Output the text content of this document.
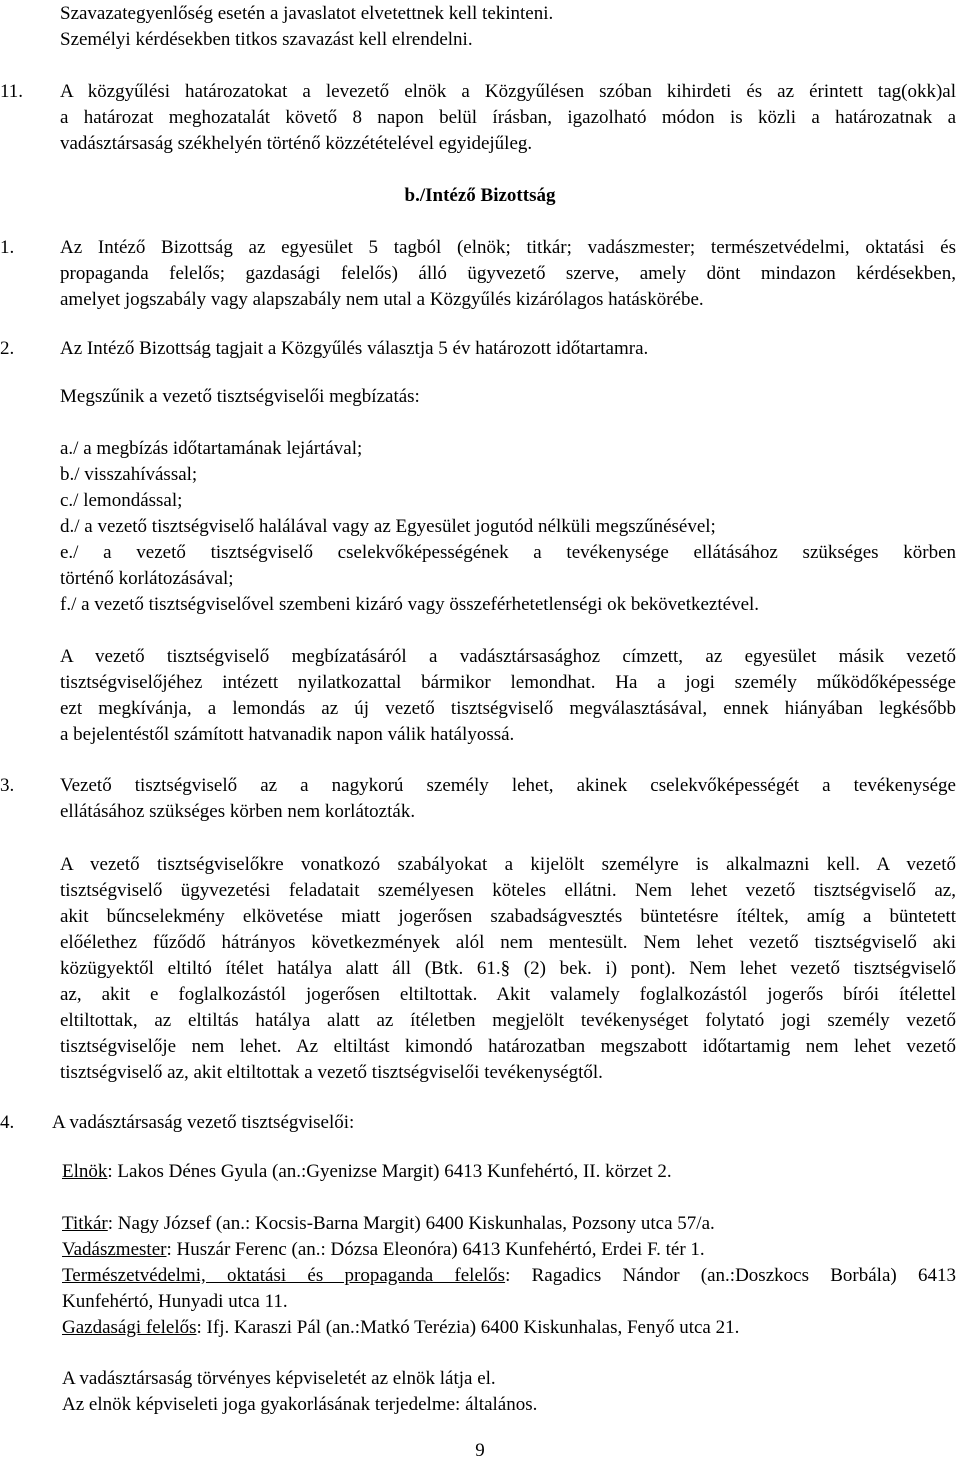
Szavazategyenlőség esetén a javaslatot elvetettnek kell tekinteni.
Személyi kérdésekben titkos szavazást kell elrendelni.
11. A közgyűlési határozatokat a levezető elnök a Közgyűlésen szóban kihirdeti és az érintett tag(okk)al
a határozat meghozatalát követő 8 napon belül írásban, igazolható módon is közli a határozatnak a
vadásztársaság székhelyén történő közzétételével egyidejűleg.
b./Intéző Bizottság
1. Az Intéző Bizottság az egyesület 5 tagból (elnök; titkár; vadászmester; természetvédelmi, oktatási és
propaganda felelős; gazdasági felelős) álló ügyvezető szerve, amely dönt mindazon kérdésekben,
amelyet jogszabály vagy alapszabály nem utal a Közgyűlés kizárólagos hatáskörébe.
2. Az Intéző Bizottság tagjait a Közgyűlés választja 5 év határozott időtartamra.
Megszűnik a vezető tisztségviselői megbízatás:
a./ a megbízás időtartamának lejártával;
b./ visszahívással;
c./ lemondással;
d./ a vezető tisztségviselő halálával vagy az Egyesület jogutód nélküli megszűnésével;
e./ a vezető tisztségviselő cselekvőképességének a tevékenysége ellátásához szükséges körben
történő korlátozásával;
f./ a vezető tisztségviselővel szembeni kizáró vagy összeférhetetlenségi ok bekövetkeztével.
A vezető tisztségviselő megbízatásáról a vadásztársasághoz címzett, az egyesület másik vezető
tisztségviselőjéhez intézett nyilatkozattal bármikor lemondhat. Ha a jogi személy működőképessége
ezt megkívánja, a lemondás az új vezető tisztségviselő megválasztásával, ennek hiányában legkésőbb
a bejelentéstől számított hatvanadik napon válik hatályossá.
3. Vezető tisztségviselő az a nagykorú személy lehet, akinek cselekvőképességét a tevékenysége
ellátásához szükséges körben nem korlátozták.
A vezető tisztségviselőkre vonatkozó szabályokat a kijelölt személyre is alkalmazni kell. A vezető
tisztségviselő ügyvezetési feladatait személyesen köteles ellátni. Nem lehet vezető tisztségviselő az,
akit bűncselekmény elkövetése miatt jogerősen szabadságvesztés büntetésre ítéltek, amíg a büntetett
előélethez fűződő hátrányos következmények alól nem mentesült. Nem lehet vezető tisztségviselő aki
közügyektől eltiltó ítélet hatálya alatt áll (Btk. 61.§ (2) bek. i) pont). Nem lehet vezető tisztségviselő
az, akit e foglalkozástól jogerősen eltiltottak. Akit valamely foglalkozástól jogerős bírói ítélettel
eltiltottak, az eltiltás hatálya alatt az ítéletben megjelölt tevékenységet folytató jogi személy vezető
tisztségviselője nem lehet. Az eltiltást kimondó határozatban megszabott időtartamig nem lehet vezető
tisztségviselő az, akit eltiltottak a vezető tisztségviselői tevékenységtől.
4. A vadásztársaság vezető tisztségviselői:
Elnök: Lakos Dénes Gyula (an.:Gyenizse Margit) 6413 Kunfehértó, II. körzet 2.
Titkár: Nagy József (an.: Kocsis-Barna Margit) 6400 Kiskunhalas, Pozsony utca 57/a.
Vadászmester: Huszár Ferenc (an.: Dózsa Eleonóra) 6413 Kunfehértó, Erdei F. tér 1.
Természetvédelmi, oktatási és propaganda felelős: Ragadics Nándor (an.:Doszkocs Borbála) 6413
Kunfehértó, Hunyadi utca 11.
Gazdasági felelős: Ifj. Karaszi Pál (an.:Matkó Terézia) 6400 Kiskunhalas, Fenyő utca 21.
A vadásztársaság törvényes képviseletét az elnök látja el.
Az elnök képviseleti joga gyakorlásának terjedelme: általános.
9
